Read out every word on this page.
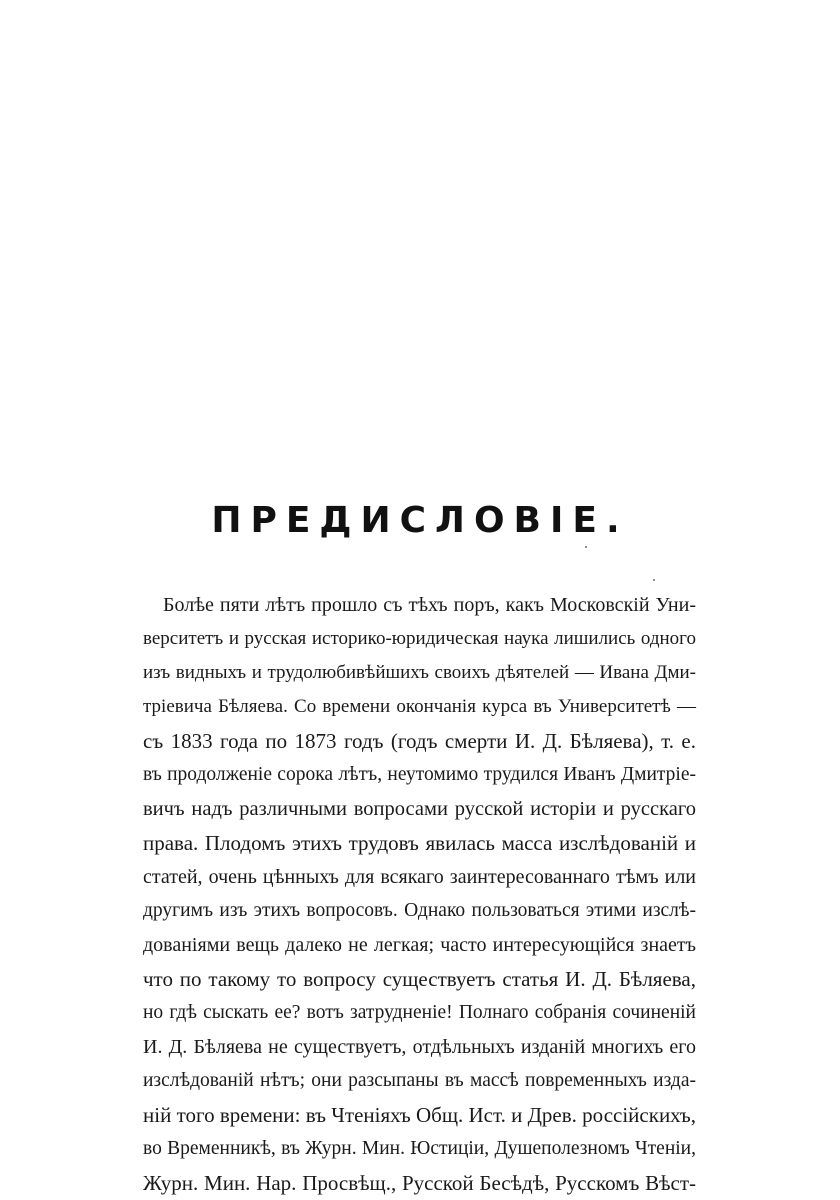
ПРЕДИСЛОВІЕ.
Болѣе пяти лѣтъ прошло съ тѣхъ поръ, какъ Московскій Уни-
верситетъ и русская историко-юридическая наука лишились одного
изъ видныхъ и трудолюбивѣйшихъ своихъ дѣятелей — Ивана Дми-
тріевича Бѣляева. Со времени окончанія курса въ Университетѣ —
съ 1833 года по 1873 годъ (годъ смерти И. Д. Бѣляева), т. е.
въ продолженіе сорока лѣтъ, неутомимо трудился Иванъ Дмитріе-
вичъ надъ различными вопросами русской исторіи и русскаго
права. Плодомъ этихъ трудовъ явилась масса изслѣдованій и
статей, очень цѣнныхъ для всякаго заинтересованнаго тѣмъ или
другимъ изъ этихъ вопросовъ. Однако пользоваться этими изслѣ-
дованіями вещь далеко не легкая; часто интересующійся знаетъ
что по такому то вопросу существуетъ статья И. Д. Бѣляева,
но гдѣ сыскать ее? вотъ затрудненіе! Полнаго собранія сочиненій
И. Д. Бѣляева не существуетъ, отдѣльныхъ изданій многихъ его
изслѣдованій нѣтъ; они разсыпаны въ массѣ повременныхъ изда-
ній того времени: въ Чтеніяхъ Общ. Ист. и Древ. россійскихъ,
во Временникѣ, въ Журн. Мин. Юстиціи, Душеполезномъ Чтеніи,
Журн. Мин. Нар. Просвѣщ., Русской Бесѣдѣ, Русскомъ Вѣст-
